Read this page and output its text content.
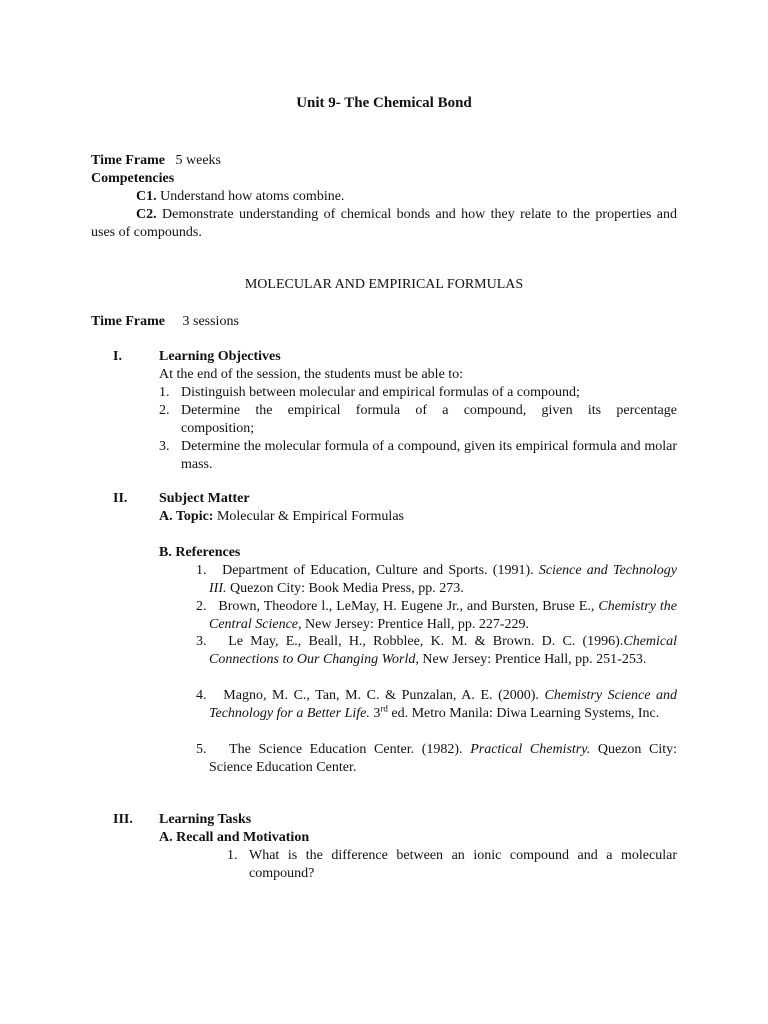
Unit 9- The Chemical Bond
Time Frame 5 weeks
Competencies
C1. Understand how atoms combine.
C2. Demonstrate understanding of chemical bonds and how they relate to the properties and uses of compounds.
MOLECULAR AND EMPIRICAL FORMULAS
Time Frame 3 sessions
I.	Learning Objectives
At the end of the session, the students must be able to:
1. Distinguish between molecular and empirical formulas of a compound;
2. Determine the empirical formula of a compound, given its percentage composition;
3. Determine the molecular formula of a compound, given its empirical formula and molar mass.
II.	Subject Matter
A. Topic: Molecular & Empirical Formulas
B. References
1. Department of Education, Culture and Sports. (1991). Science and Technology III. Quezon City: Book Media Press, pp. 273.
2. Brown, Theodore l., LeMay, H. Eugene Jr., and Bursten, Bruse E., Chemistry the Central Science, New Jersey: Prentice Hall, pp. 227-229.
3. Le May, E., Beall, H., Robblee, K. M. & Brown. D. C. (1996).Chemical Connections to Our Changing World, New Jersey: Prentice Hall, pp. 251-253.
4. Magno, M. C., Tan, M. C. & Punzalan, A. E. (2000). Chemistry Science and Technology for a Better Life. 3rd ed. Metro Manila: Diwa Learning Systems, Inc.
5. The Science Education Center. (1982). Practical Chemistry. Quezon City: Science Education Center.
III.	Learning Tasks
A. Recall and Motivation
1. What is the difference between an ionic compound and a molecular compound?
